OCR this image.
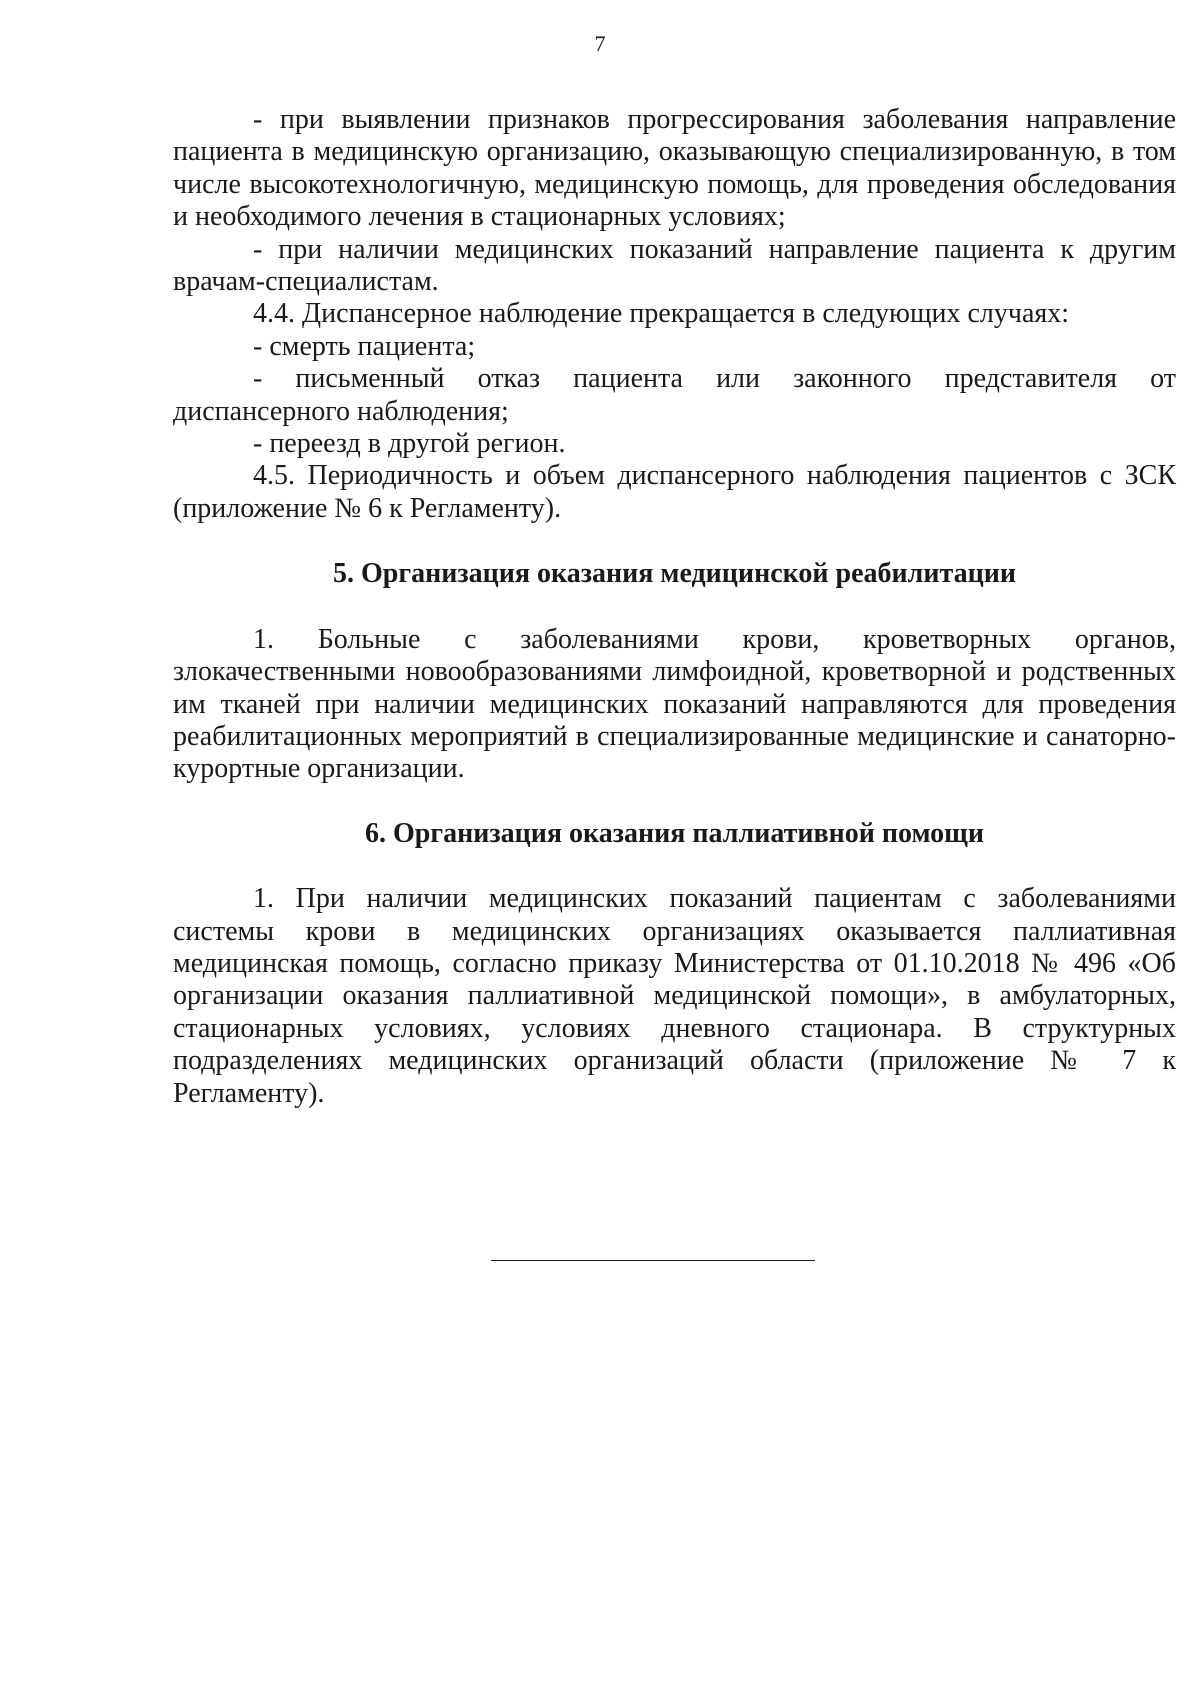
7

- при выявлении признаков прогрессирования заболевания направление пациента в медицинскую организацию, оказывающую специализированную, в том числе высокотехнологичную, медицинскую помощь, для проведения обследования и необходимого лечения в стационарных условиях;

- при наличии медицинских показаний направление пациента к другим врачам-специалистам.

4.4. Диспансерное наблюдение прекращается в следующих случаях:

- смерть пациента;

- письменный отказ пациента или законного представителя от диспансерного наблюдения;

- переезд в другой регион.

4.5. Периодичность и объем диспансерного наблюдения пациентов с ЗСК (приложение № 6 к Регламенту).

5. Организация оказания медицинской реабилитации

1. Больные с заболеваниями крови, кроветворных органов, злокачественными новообразованиями лимфоидной, кроветворной и родственных им тканей при наличии медицинских показаний направляются для проведения реабилитационных мероприятий в специализированные медицинские и санаторно-курортные организации.

6. Организация оказания паллиативной помощи

1. При наличии медицинских показаний пациентам с заболеваниями системы крови в медицинских организациях оказывается паллиативная медицинская помощь, согласно приказу Министерства от 01.10.2018 № 496 «Об организации оказания паллиативной медицинской помощи», в амбулаторных, стационарных условиях, условиях дневного стационара. В структурных подразделениях медицинских организаций области (приложение № 7 к Регламенту).
